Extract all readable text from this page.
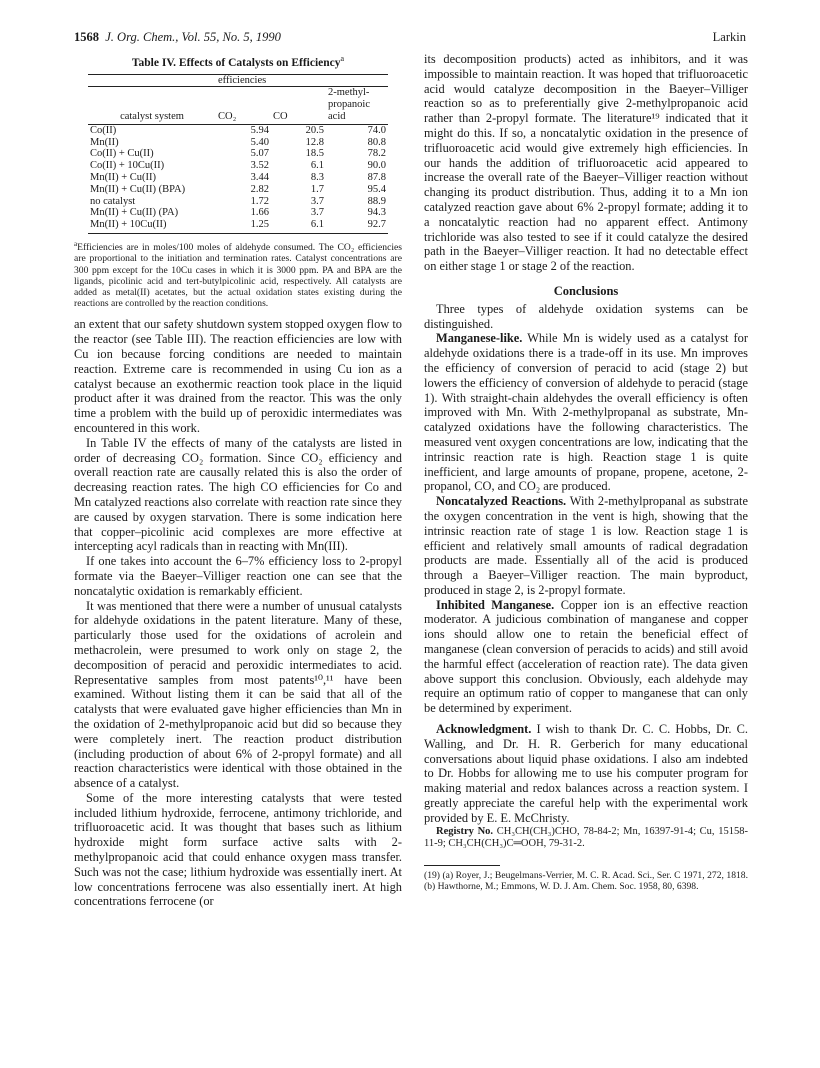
1568 J. Org. Chem., Vol. 55, No. 5, 1990	Larkin
Table IV. Effects of Catalysts on Efficiency$^a$
	efficiencies		
catalyst system	CO₂	CO	2-methyl-propanoic acid
Co(II)	5.94	20.5	74.0
Mn(II)	5.40	12.8	80.8
Co(II) + Cu(II)	5.07	18.5	78.2
Co(II) + 10Cu(II)	3.52	6.1	90.0
Mn(II) + Cu(II)	3.44	8.3	87.8
Mn(II) + Cu(II) (BPA)	2.82	1.7	95.4
no catalyst	1.72	3.7	88.9
Mn(II) + Cu(II) (PA)	1.66	3.7	94.3
Mn(II) + 10Cu(II)	1.25	6.1	92.7
$^a$Efficiencies are in moles/100 moles of aldehyde consumed. The CO₂ efficiencies are proportional to the initiation and termination rates. Catalyst concentrations are 300 ppm except for the 10Cu cases in which it is 3000 ppm. PA and BPA are the ligands, picolinic acid and tert-butylpicolinic acid, respectively. All catalysts are added as metal(II) acetates, but the actual oxidation states existing during the reactions are controlled by the reaction conditions.

an extent that our safety shutdown system stopped oxygen flow to the reactor (see Table III). The reaction efficiencies are low with Cu ion because forcing conditions are needed to maintain reaction. Extreme care is recommended in using Cu ion as a catalyst because an exothermic reaction took place in the liquid product after it was drained from the reactor. This was the only time a problem with the build up of peroxidic intermediates was encountered in this work.

In Table IV the effects of many of the catalysts are listed in order of decreasing CO₂ formation. Since CO₂ efficiency and overall reaction rate are causally related this is also the order of decreasing reaction rates. The high CO efficiencies for Co and Mn catalyzed reactions also correlate with reaction rate since they are caused by oxygen starvation. There is some indication here that copper–picolinic acid complexes are more effective at intercepting acyl radicals than in reacting with Mn(III).

If one takes into account the 6–7% efficiency loss to 2-propyl formate via the Baeyer–Villiger reaction one can see that the noncatalytic oxidation is remarkably efficient.

It was mentioned that there were a number of unusual catalysts for aldehyde oxidations in the patent literature. Many of these, particularly those used for the oxidations of acrolein and methacrolein, were presumed to work only on stage 2, the decomposition of peracid and peroxidic intermediates to acid. Representative samples from most patents¹⁰,¹¹ have been examined. Without listing them it can be said that all of the catalysts that were evaluated gave higher efficiencies than Mn in the oxidation of 2-methylpropanoic acid but did so because they were completely inert. The reaction product distribution (including production of about 6% of 2-propyl formate) and all reaction characteristics were identical with those obtained in the absence of a catalyst.

Some of the more interesting catalysts that were tested included lithium hydroxide, ferrocene, antimony trichloride, and trifluoroacetic acid. It was thought that bases such as lithium hydroxide might form surface active salts with 2-methylpropanoic acid that could enhance oxygen mass transfer. Such was not the case; lithium hydroxide was essentially inert. At low concentrations ferrocene was also essentially inert. At high concentrations ferrocene (or

its decomposition products) acted as inhibitors, and it was impossible to maintain reaction. It was hoped that trifluoroacetic acid would catalyze decomposition in the Baeyer–Villiger reaction so as to preferentially give 2-methylpropanoic acid rather than 2-propyl formate. The literature¹⁹ indicated that it might do this. If so, a noncatalytic oxidation in the presence of trifluoroacetic acid would give extremely high efficiencies. In our hands the addition of trifluoroacetic acid appeared to increase the overall rate of the Baeyer–Villiger reaction without changing its product distribution. Thus, adding it to a Mn ion catalyzed reaction gave about 6% 2-propyl formate; adding it to a noncatalytic reaction had no apparent effect. Antimony trichloride was also tested to see if it could catalyze the desired path in the Baeyer–Villiger reaction. It had no detectable effect on either stage 1 or stage 2 of the reaction.

Conclusions

Three types of aldehyde oxidation systems can be distinguished.

Manganese-like. While Mn is widely used as a catalyst for aldehyde oxidations there is a trade-off in its use. Mn improves the efficiency of conversion of peracid to acid (stage 2) but lowers the efficiency of conversion of aldehyde to peracid (stage 1). With straight-chain aldehydes the overall efficiency is often improved with Mn. With 2-methylpropanal as substrate, Mn-catalyzed oxidations have the following characteristics. The measured vent oxygen concentrations are low, indicating that the intrinsic reaction rate is high. Reaction stage 1 is quite inefficient, and large amounts of propane, propene, acetone, 2-propanol, CO, and CO₂ are produced.

Noncatalyzed Reactions. With 2-methylpropanal as substrate the oxygen concentration in the vent is high, showing that the intrinsic reaction rate of stage 1 is low. Reaction stage 1 is efficient and relatively small amounts of radical degradation products are made. Essentially all of the acid is produced through a Baeyer–Villiger reaction. The main byproduct, produced in stage 2, is 2-propyl formate.

Inhibited Manganese. Copper ion is an effective reaction moderator. A judicious combination of manganese and copper ions should allow one to retain the beneficial effect of manganese (clean conversion of peracids to acids) and still avoid the harmful effect (acceleration of reaction rate). The data given above support this conclusion. Obviously, each aldehyde may require an optimum ratio of copper to manganese that can only be determined by experiment.

Acknowledgment. I wish to thank Dr. C. C. Hobbs, Dr. C. Walling, and Dr. H. R. Gerberich for many educational conversations about liquid phase oxidations. I also am indebted to Dr. Hobbs for allowing me to use his computer program for making material and redox balances across a reaction system. I greatly appreciate the careful help with the experimental work provided by E. E. McChristy.

Registry No. CH₃CH(CH₃)CHO, 78-84-2; Mn, 16397-91-4; Cu, 15158-11-9; CH₃CH(CH₃)C═OOH, 79-31-2.

(19) (a) Royer, J.; Beugelmans-Verrier, M. C. R. Acad. Sci., Ser. C 1971, 272, 1818. (b) Hawthorne, M.; Emmons, W. D. J. Am. Chem. Soc. 1958, 80, 6398.
